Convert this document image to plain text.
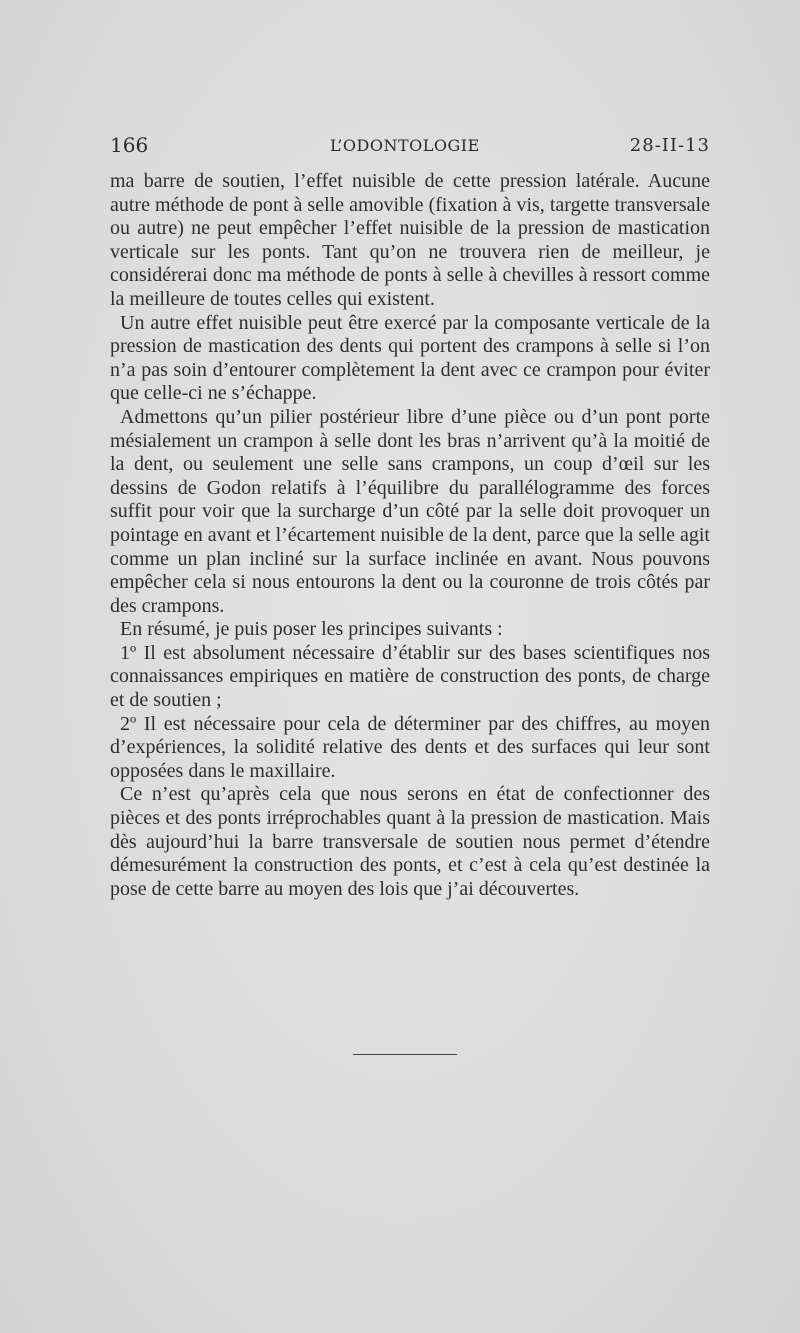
166	L’ODONTOLOGIE	28-II-13

ma barre de soutien, l’effet nuisible de cette pression latérale. Aucune autre méthode de pont à selle amovible (fixation à vis, targette transversale ou autre) ne peut empêcher l’effet nuisible de la pression de mastication verticale sur les ponts. Tant qu’on ne trouvera rien de meilleur, je considérerai donc ma méthode de ponts à selle à chevilles à ressort comme la meilleure de toutes celles qui existent.

Un autre effet nuisible peut être exercé par la composante verticale de la pression de mastication des dents qui portent des crampons à selle si l’on n’a pas soin d’entourer complètement la dent avec ce crampon pour éviter que celle-ci ne s’échappe.

Admettons qu’un pilier postérieur libre d’une pièce ou d’un pont porte mésialement un crampon à selle dont les bras n’arrivent qu’à la moitié de la dent, ou seulement une selle sans crampons, un coup d’œil sur les dessins de Godon relatifs à l’équilibre du parallélogramme des forces suffit pour voir que la surcharge d’un côté par la selle doit provoquer un pointage en avant et l’écartement nuisible de la dent, parce que la selle agit comme un plan incliné sur la surface inclinée en avant. Nous pouvons empêcher cela si nous entourons la dent ou la couronne de trois côtés par des crampons.

En résumé, je puis poser les principes suivants :

1º Il est absolument nécessaire d’établir sur des bases scientifiques nos connaissances empiriques en matière de construction des ponts, de charge et de soutien ;

2º Il est nécessaire pour cela de déterminer par des chiffres, au moyen d’expériences, la solidité relative des dents et des surfaces qui leur sont opposées dans le maxillaire.

Ce n’est qu’après cela que nous serons en état de confectionner des pièces et des ponts irréprochables quant à la pression de mastication. Mais dès aujourd’hui la barre transversale de soutien nous permet d’étendre démesurément la construction des ponts, et c’est à cela qu’est destinée la pose de cette barre au moyen des lois que j’ai découvertes.
